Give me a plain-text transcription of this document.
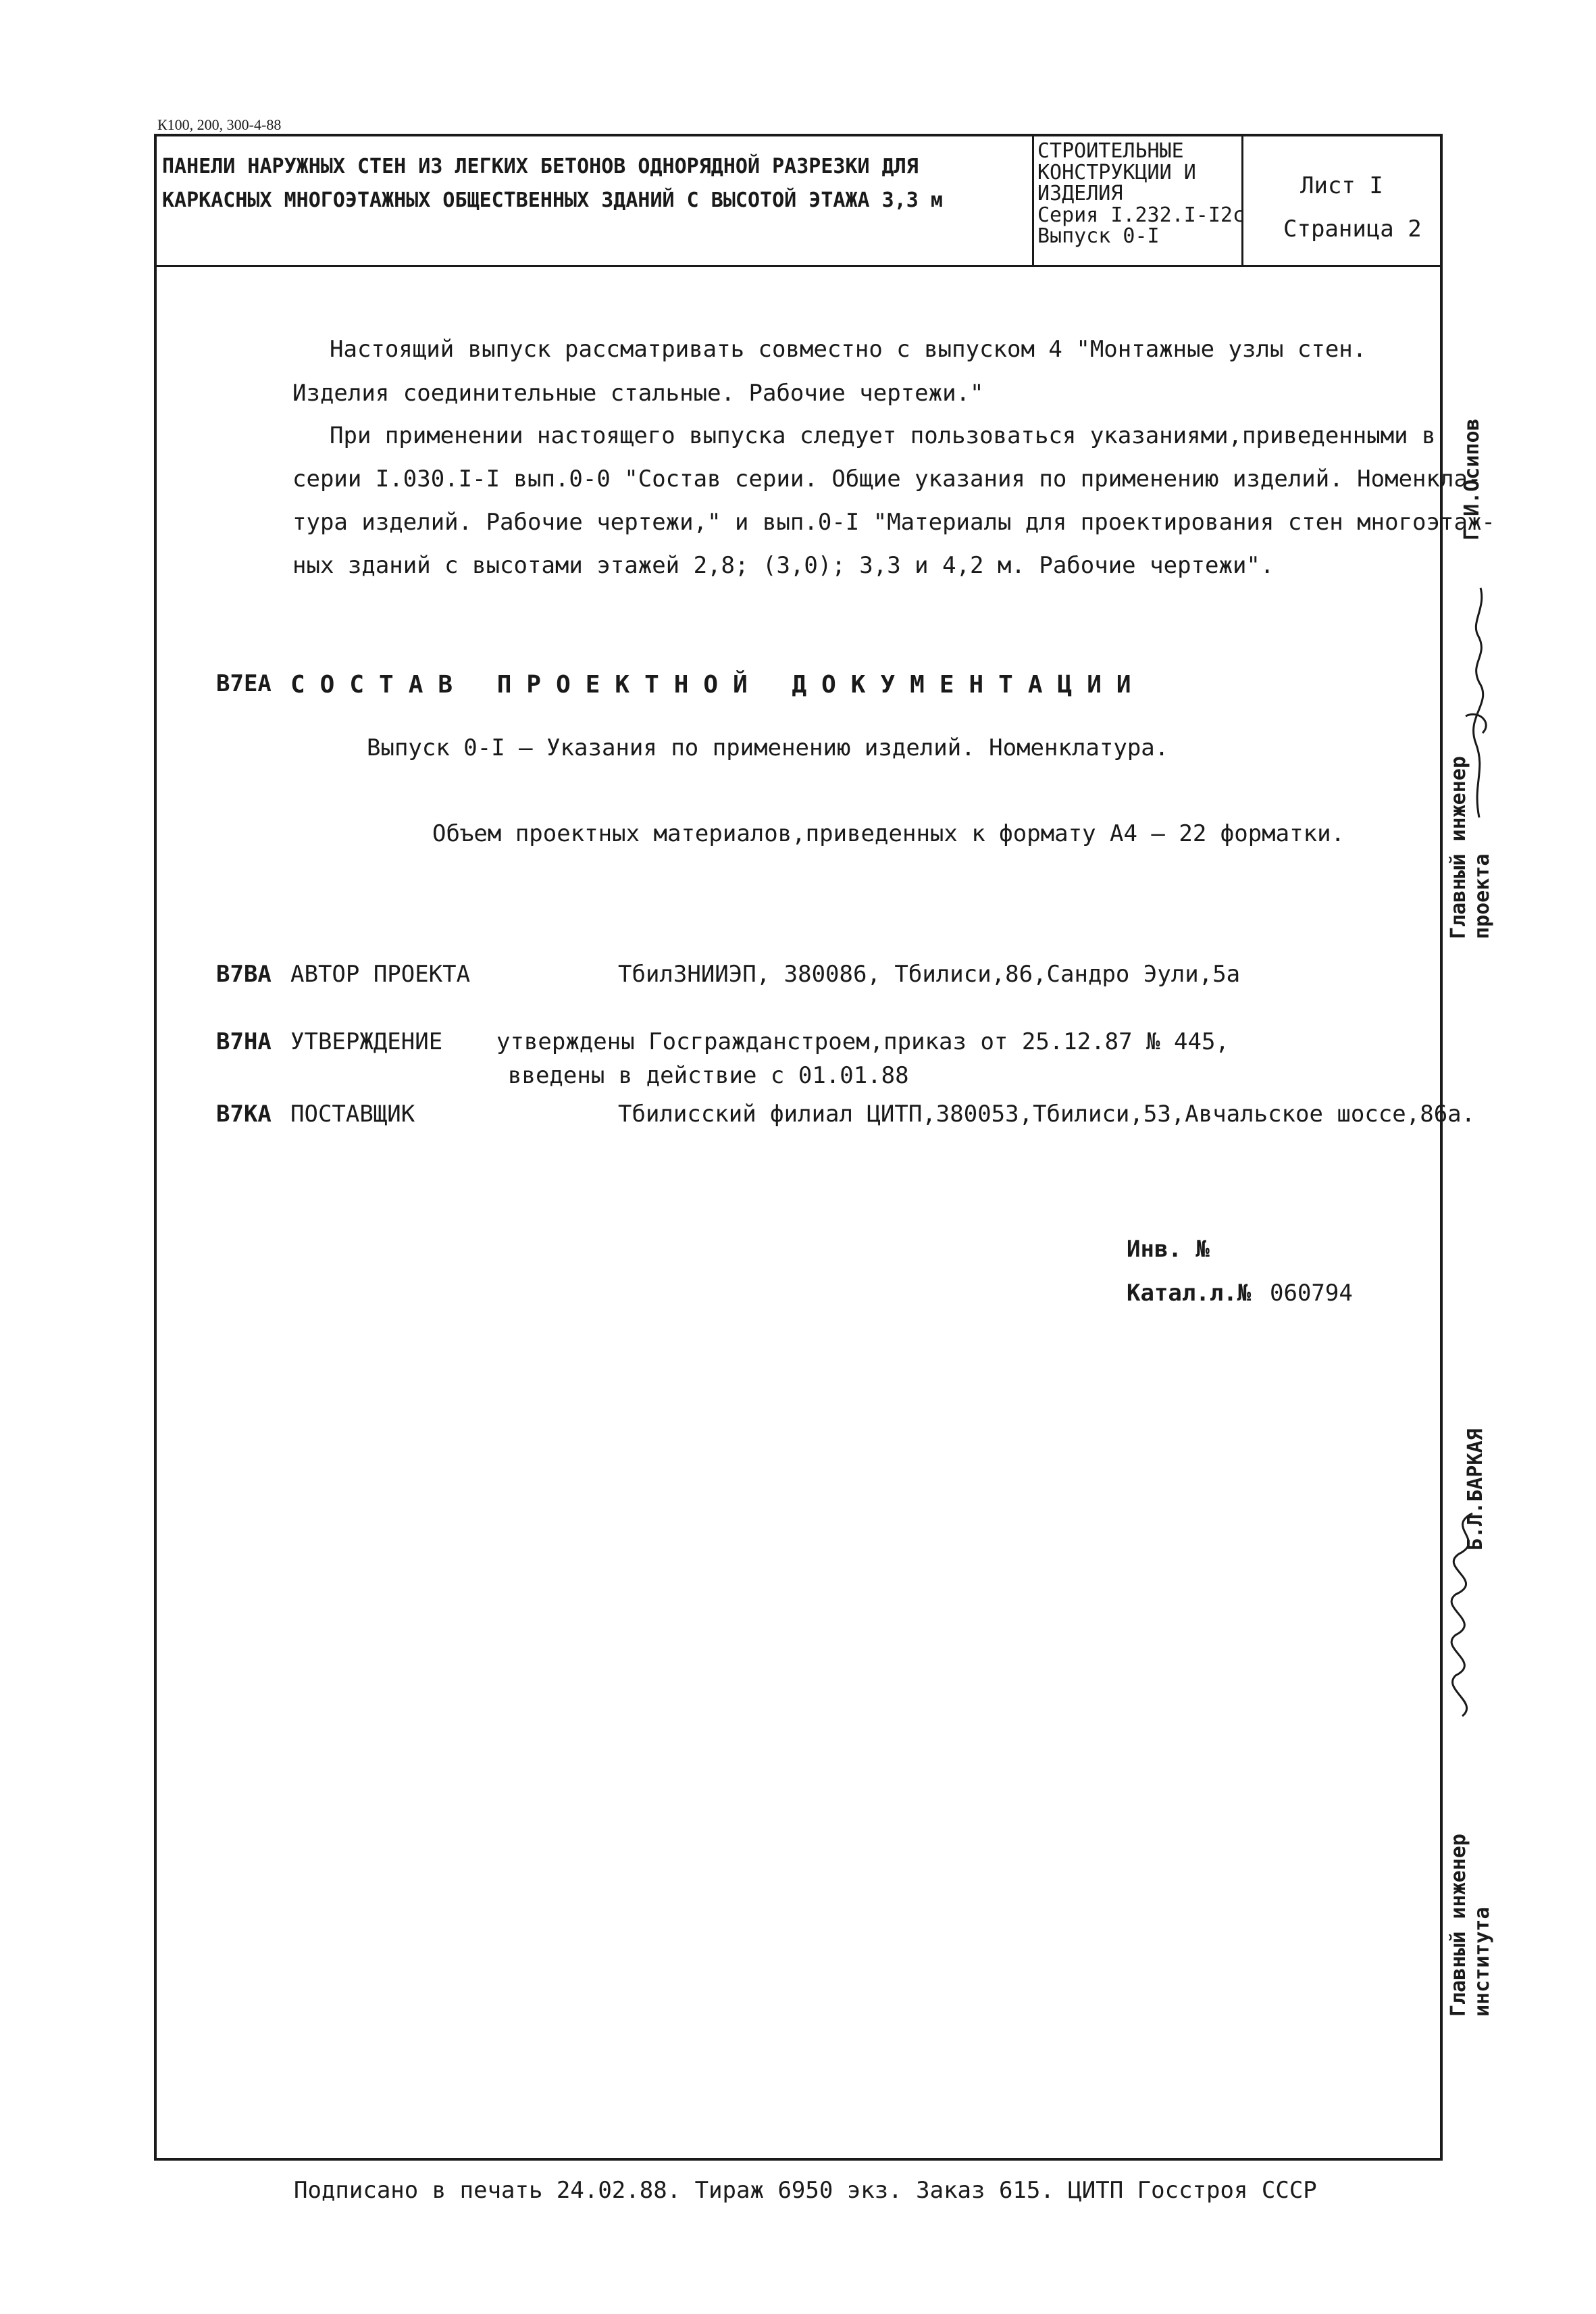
К100, 200, 300-4-88
ПАНЕЛИ НАРУЖНЫХ СТЕН ИЗ ЛЕГКИХ БЕТОНОВ ОДНОРЯДНОЙ РАЗРЕЗКИ ДЛЯ
КАРКАСНЫХ МНОГОЭТАЖНЫХ ОБЩЕСТВЕННЫХ ЗДАНИЙ С ВЫСОТОЙ ЭТАЖА 3,3 м
СТРОИТЕЛЬНЫЕ
КОНСТРУКЦИИ И
ИЗДЕЛИЯ
Серия I.232.I-I2с
Выпуск 0-I
Лист I
Страница 2
Настоящий выпуск рассматривать совместно с выпуском 4 "Монтажные узлы стен.
Изделия соединительные стальные. Рабочие чертежи."
При применении настоящего выпуска следует пользоваться указаниями,приведенными в
серии I.030.I-I вып.0-0 "Состав серии. Общие указания по применению изделий. Номенкла-
тура изделий. Рабочие чертежи," и вып.0-I "Материалы для проектирования стен многоэтаж-
ных зданий с высотами этажей 2,8; (3,0); 3,3 и 4,2 м. Рабочие чертежи".
В7ЕА СОСТАВ ПРОЕКТНОЙ ДОКУМЕНТАЦИИ
Выпуск 0-I – Указания по применению изделий. Номенклатура.
Объем проектных материалов,приведенных к формату А4 – 22 форматки.
В7ВА АВТОР ПРОЕКТА	ТбилЗНИИЭП, 380086, Тбилиси,86,Сандро Эули,5а
В7НА УТВЕРЖДЕНИЕ утверждены Госгражданстроем,приказ от 25.12.87 № 445,
введены в действие с 01.01.88
В7КА ПОСТАВЩИК	Тбилисский филиал ЦИТП,380053,Тбилиси,53,Авчальское шоссе,86а.
Инв. №
Катал.л.№ 060794
Главный инженер проекта
Г.И.Осипов
Главный инженер института
Б.Л.БАРКАЯ
Подписано в печать 24.02.88. Тираж 6950 экз. Заказ 615. ЦИТП Госстроя СССР
